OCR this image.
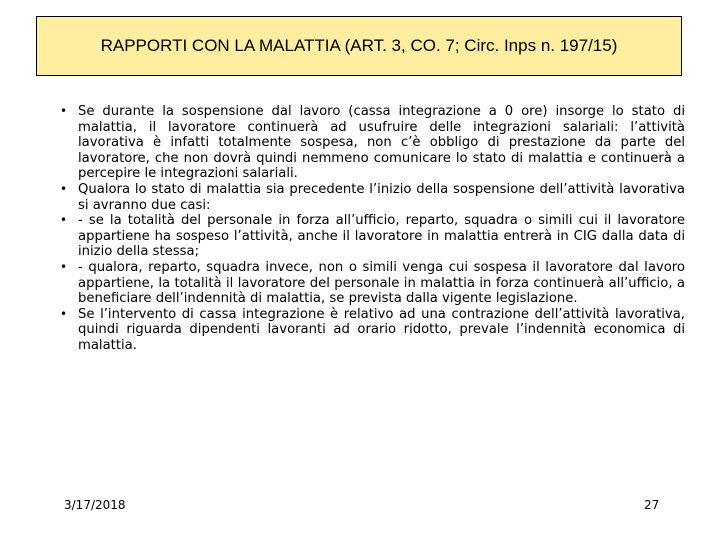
RAPPORTI CON LA MALATTIA (ART. 3, CO. 7; Circ. Inps n. 197/15)
• Se durante la sospensione dal lavoro (cassa integrazione a 0 ore) insorge lo stato di malattia, il lavoratore continuerà ad usufruire delle integrazioni salariali: l’attività lavorativa è infatti totalmente sospesa, non c’è obbligo di prestazione da parte del lavoratore, che non dovrà quindi nemmeno comunicare lo stato di malattia e continuerà a percepire le integrazioni salariali.
• Qualora lo stato di malattia sia precedente l’inizio della sospensione dell’attività lavorativa si avranno due casi:
• - se la totalità del personale in forza all’ufficio, reparto, squadra o simili cui il lavoratore appartiene ha sospeso l’attività, anche il lavoratore in malattia entrerà in CIG dalla data di inizio della stessa;
• - qualora, reparto, squadra invece, non o simili venga cui sospesa il lavoratore dal lavoro appartiene, la totalità il lavoratore del personale in malattia in forza continuerà all’ufficio, a beneficiare dell’indennità di malattia, se prevista dalla vigente legislazione.
• Se l’intervento di cassa integrazione è relativo ad una contrazione dell’attività lavorativa, quindi riguarda dipendenti lavoranti ad orario ridotto, prevale l’indennità economica di malattia.
3/17/2018	27
